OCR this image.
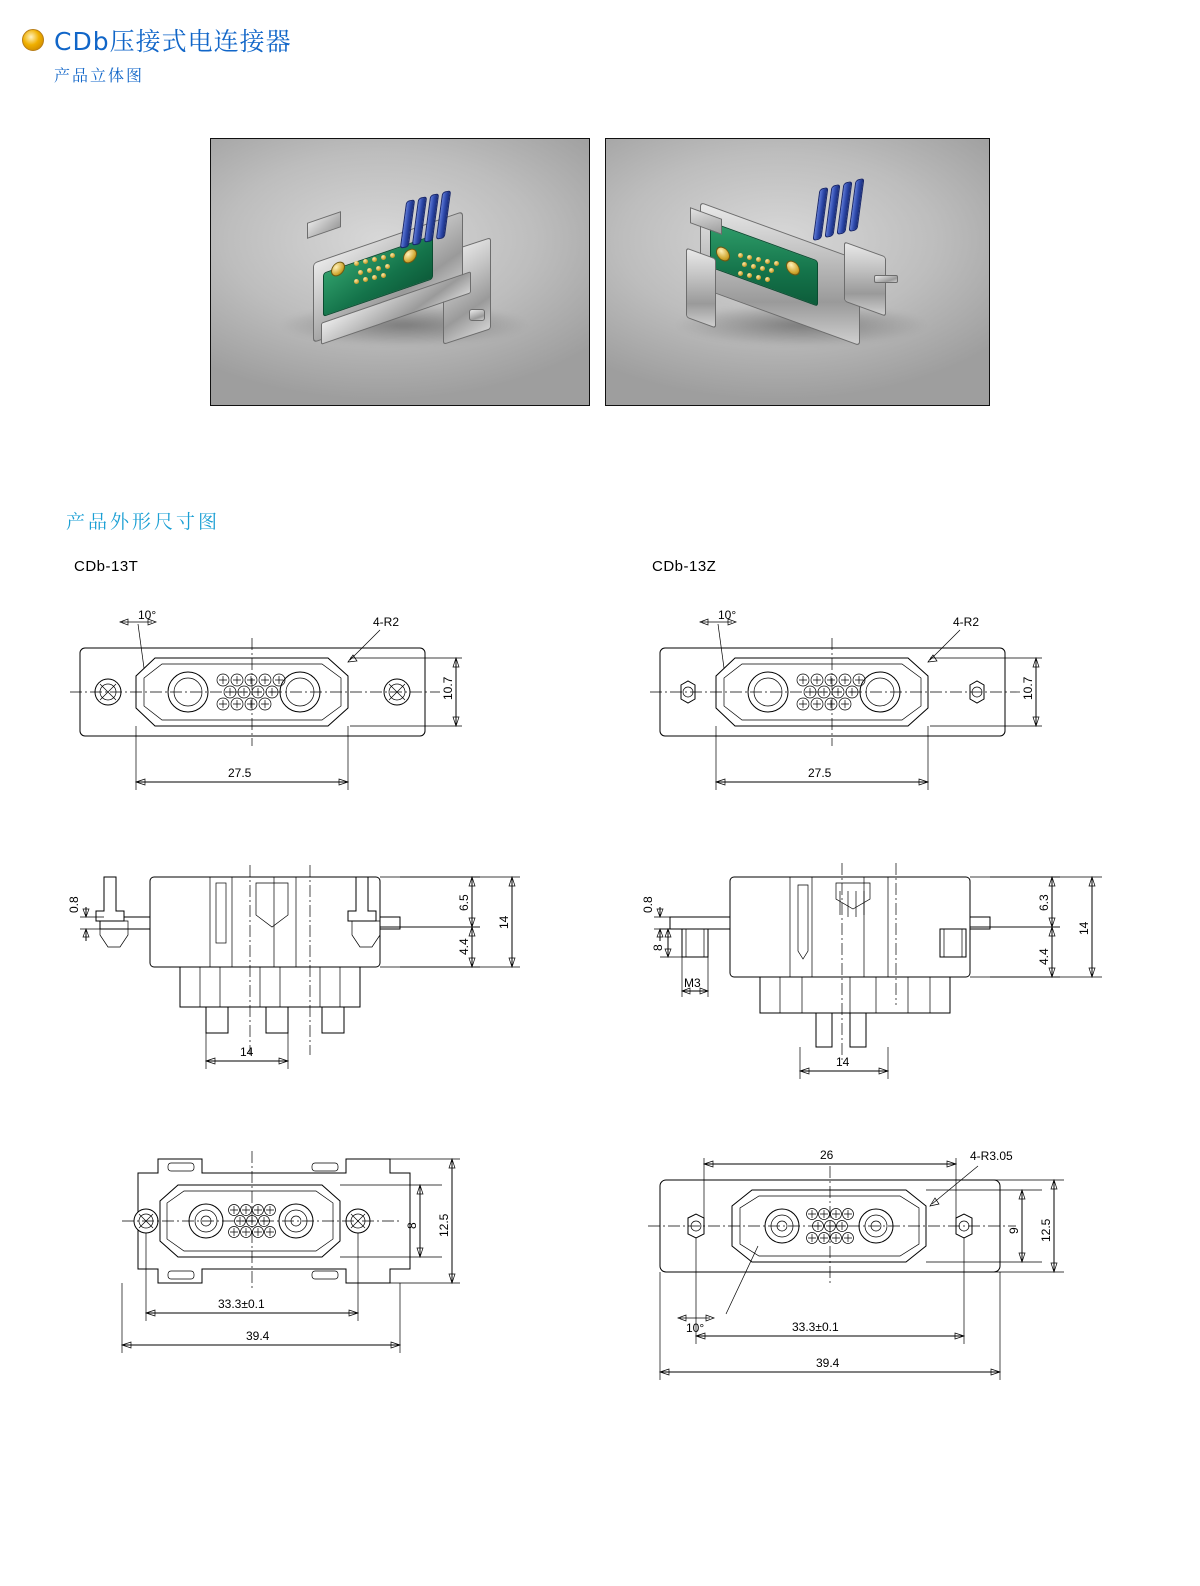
CDb压接式电连接器
产品立体图
产品外形尺寸图
CDb-13T	CDb-13Z
10°	4-R2
10.7
27.5
10°	4-R2
10.7
27.5
0.8	6.5
4.4
14
14
0.8
8
M3
6.3
4.4
14
14
8 12.5
33.3±0.1
39.4
26	4-R3.05
9 12.5
10°	33.3±0.1
39.4
